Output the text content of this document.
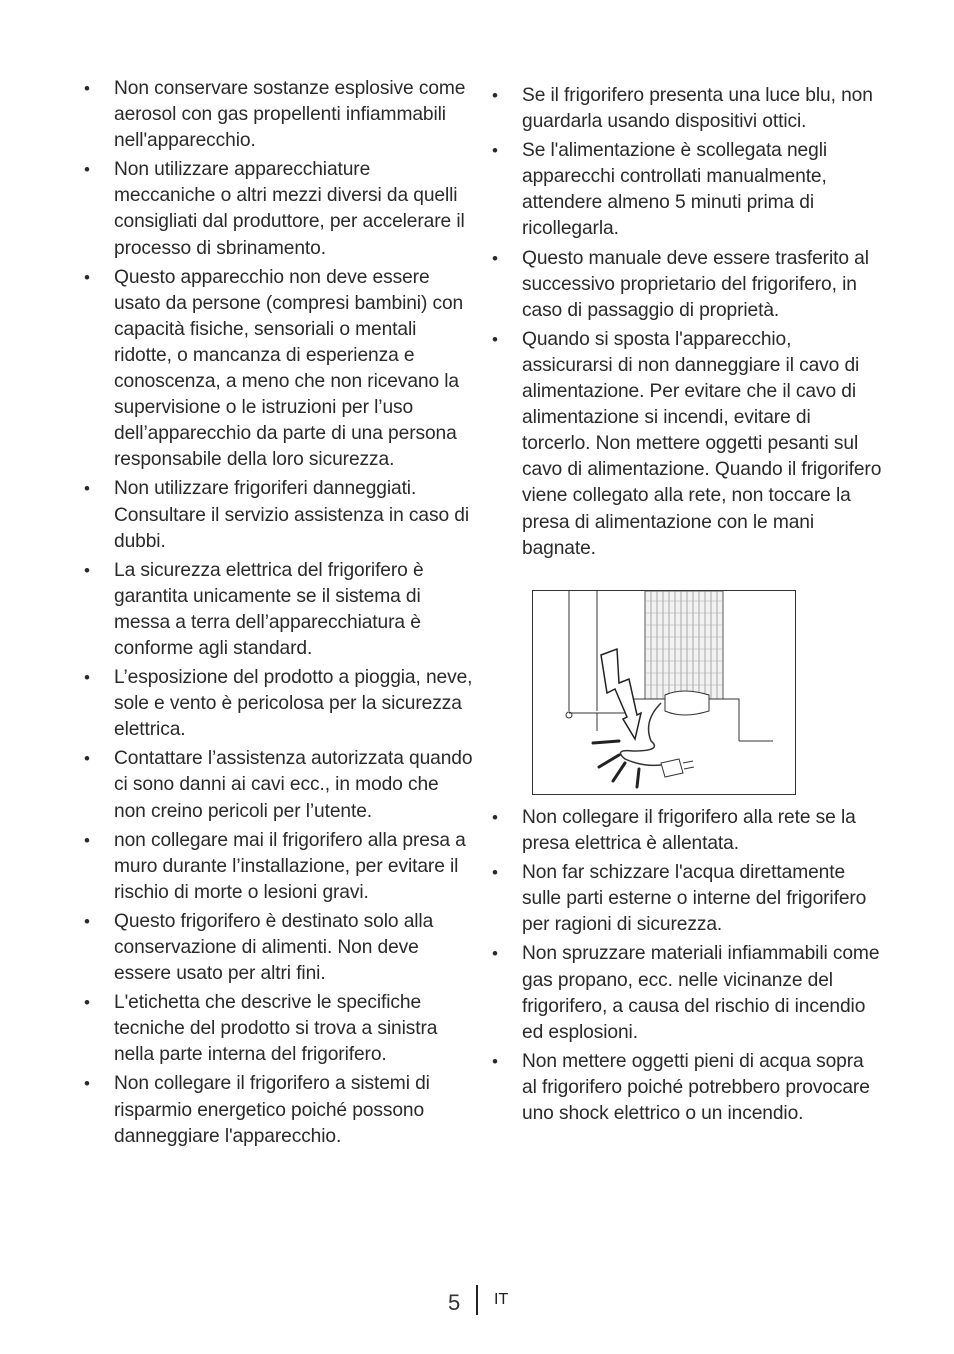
• Non conservare sostanze esplosive come aerosol con gas propellenti infiammabili nell'apparecchio.
• Non utilizzare apparecchiature meccaniche o altri mezzi diversi da quelli consigliati dal produttore, per accelerare il processo di sbrinamento.
• Questo apparecchio non deve essere usato da persone (compresi bambini) con capacità fisiche, sensoriali o mentali ridotte, o mancanza di esperienza e conoscenza, a meno che non ricevano la supervisione o le istruzioni per l’uso dell’apparecchio da parte di una persona responsabile della loro sicurezza.
• Non utilizzare frigoriferi danneggiati. Consultare il servizio assistenza in caso di dubbi.
• La sicurezza elettrica del frigorifero è garantita unicamente se il sistema di messa a terra dell’apparecchiatura è conforme agli standard.
• L’esposizione del prodotto a pioggia, neve, sole e vento è pericolosa per la sicurezza elettrica.
• Contattare l’assistenza autorizzata quando ci sono danni ai cavi ecc., in modo che non creino pericoli per l’utente.
• non collegare mai il frigorifero alla presa a muro durante l’installazione, per evitare il rischio di morte o lesioni gravi.
• Questo frigorifero è destinato solo alla conservazione di alimenti. Non deve essere usato per altri fini.
• L'etichetta che descrive le specifiche tecniche del prodotto si trova a sinistra nella parte interna del frigorifero.
• Non collegare il frigorifero a sistemi di risparmio energetico poiché possono danneggiare l'apparecchio.
• Se il frigorifero presenta una luce blu, non guardarla usando dispositivi ottici.
• Se l'alimentazione è scollegata negli apparecchi controllati manualmente, attendere almeno 5 minuti prima di ricollegarla.
• Questo manuale deve essere trasferito al successivo proprietario del frigorifero, in caso di passaggio di proprietà.
• Quando si sposta l'apparecchio, assicurarsi di non danneggiare il cavo di alimentazione. Per evitare che il cavo di alimentazione si incendi, evitare di torcerlo. Non mettere oggetti pesanti sul cavo di alimentazione. Quando il frigorifero viene collegato alla rete, non toccare la presa di alimentazione con le mani bagnate.
• Non collegare il frigorifero alla rete se la presa elettrica è allentata.
• Non far schizzare l'acqua direttamente sulle parti esterne o interne del frigorifero per ragioni di sicurezza.
• Non spruzzare materiali infiammabili come gas propano, ecc. nelle vicinanze del frigorifero, a causa del rischio di incendio ed esplosioni.
• Non mettere oggetti pieni di acqua sopra al frigorifero poiché potrebbero provocare uno shock elettrico o un incendio.
5 IT
